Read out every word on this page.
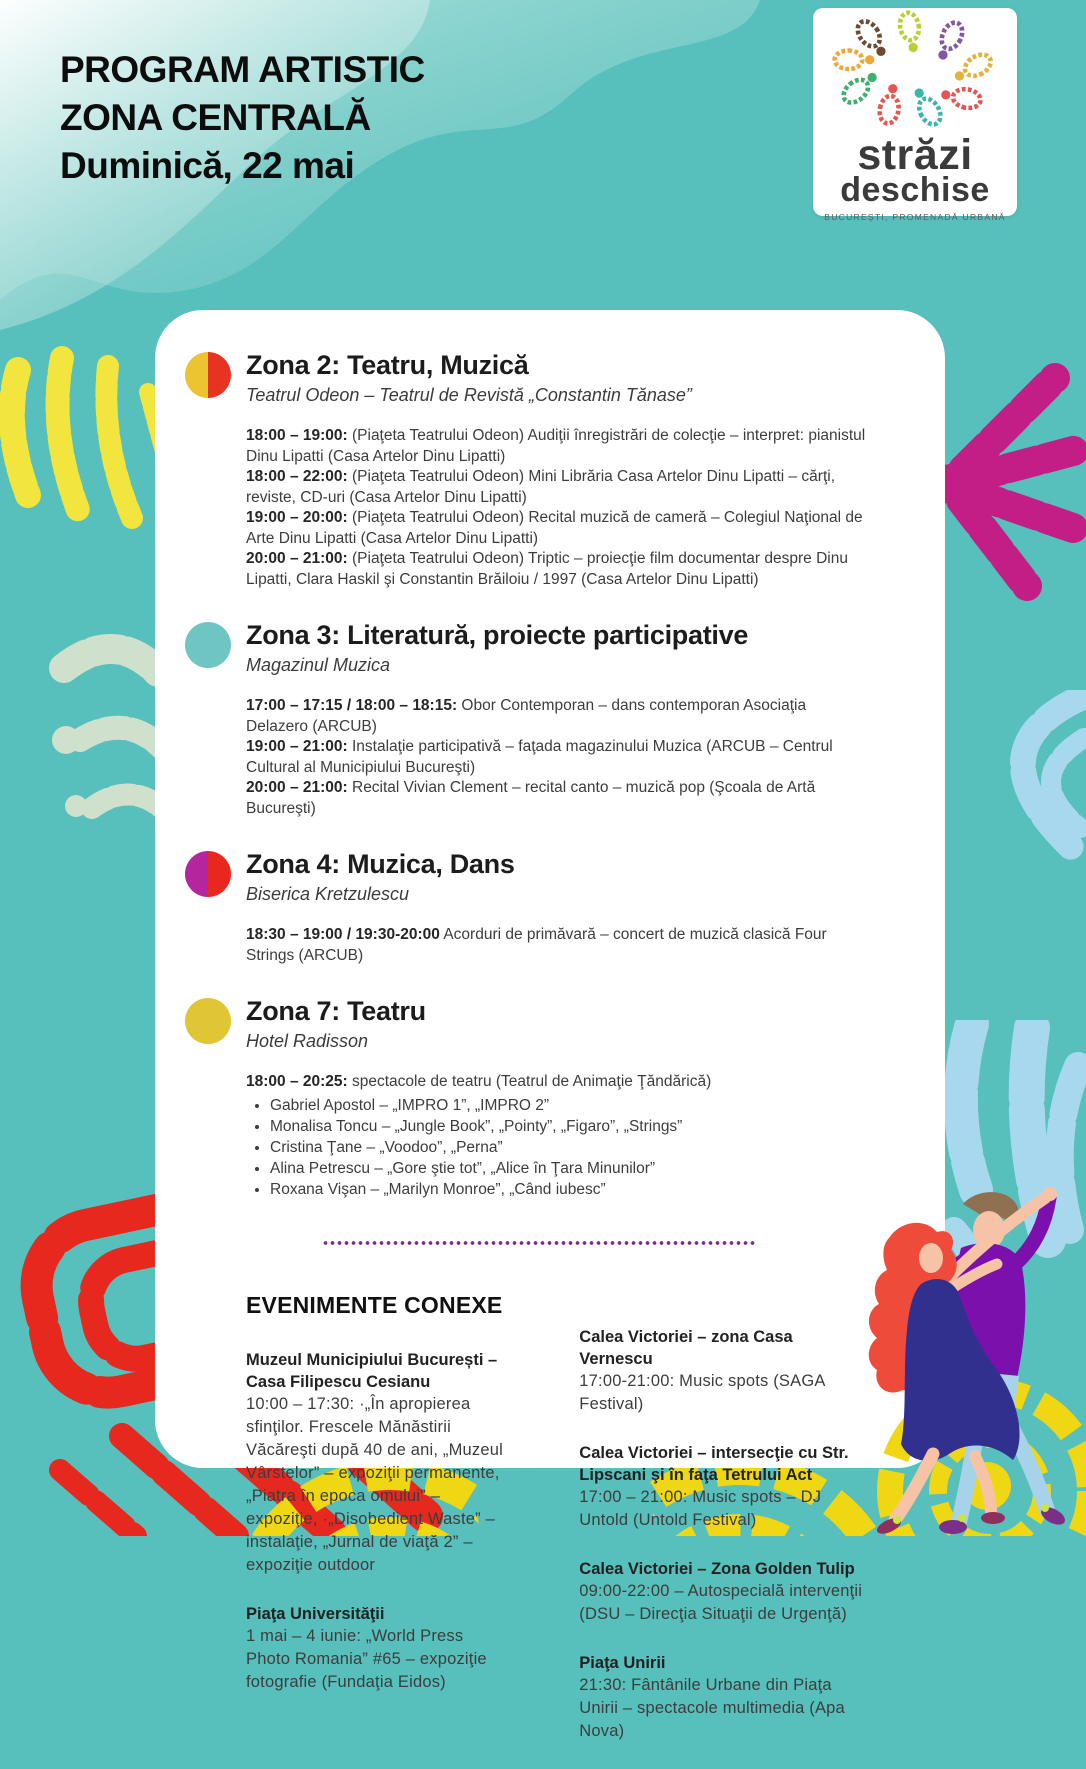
PROGRAM ARTISTIC
ZONA CENTRALĂ
Duminică, 22 mai	străzi
deschise
BUCUREȘTI, PROMENADĂ URBANĂ
Zona 2: Teatru, Muzică
Teatrul Odeon – Teatrul de Revistă „Constantin Tănase”

18:00 – 19:00: (Piaţeta Teatrului Odeon) Audiţii înregistrări de colecţie – interpret: pianistul Dinu Lipatti (Casa Artelor Dinu Lipatti)

18:00 – 22:00: (Piaţeta Teatrului Odeon) Mini Librăria Casa Artelor Dinu Lipatti – cărţi, reviste, CD-uri (Casa Artelor Dinu Lipatti)

19:00 – 20:00: (Piaţeta Teatrului Odeon) Recital muzică de cameră – Colegiul Naţional de Arte Dinu Lipatti (Casa Artelor Dinu Lipatti)

20:00 – 21:00: (Piaţeta Teatrului Odeon) Triptic – proiecţie film documentar despre Dinu Lipatti, Clara Haskil şi Constantin Brăiloiu / 1997 (Casa Artelor Dinu Lipatti)

Zona 3: Literatură, proiecte participative
Magazinul Muzica

17:00 – 17:15 / 18:00 – 18:15: Obor Contemporan – dans contemporan Asociaţia Delazero (ARCUB)

19:00 – 21:00: Instalaţie participativă – faţada magazinului Muzica (ARCUB – Centrul Cultural al Municipiului Bucureşti)

20:00 – 21:00: Recital Vivian Clement – recital canto – muzică pop (Şcoala de Artă Bucureşti)

Zona 4: Muzica, Dans
Biserica Kretzulescu

18:30 – 19:00 / 19:30-20:00 Acorduri de primăvară – concert de muzică clasică Four Strings (ARCUB)

Zona 7: Teatru
Hotel Radisson

18:00 – 20:25: spectacole de teatru (Teatrul de Animaţie Ţăndărică)

• Gabriel Apostol – „IMPRO 1”, „IMPRO 2”
• Monalisa Toncu – „Jungle Book”, „Pointy”, „Figaro”, „Strings”
• Cristina Ţane – „Voodoo”, „Perna”
• Alina Petrescu – „Gore ştie tot”, „Alice în Ţara Minunilor”
• Roxana Vişan – „Marilyn Monroe”, „Când iubesc”
EVENIMENTE CONEXE
Muzeul Municipiului București – Casa Filipescu Cesianu
10:00 – 17:30: ·„În apropierea sfinţilor. Frescele Mănăstirii Văcăreşti după 40 de ani, „Muzeul Vârstelor” – expoziţii permanente, „Piatra în epoca omului” – expoziţie, ·„Disobedient Waste” – instalaţie, „Jurnal de viaţă 2” – expoziţie outdoor
Piaţa Universităţii
1 mai – 4 iunie: „World Press Photo Romania” #65 – expoziţie fotografie (Fundaţia Eidos)
Calea Victoriei – zona Casa Vernescu
17:00-21:00: Music spots (SAGA Festival)
Calea Victoriei – intersecţie cu Str. Lipscani şi în faţa Tetrului Act
17:00 – 21:00: Music spots – DJ Untold (Untold Festival)
Calea Victoriei – Zona Golden Tulip
09:00-22:00 – Autospecială intervenţii (DSU – Direcţia Situaţii de Urgenţă)
Piaţa Unirii
21:30: Fântânile Urbane din Piaţa Unirii – spectacole multimedia (Apa Nova)
